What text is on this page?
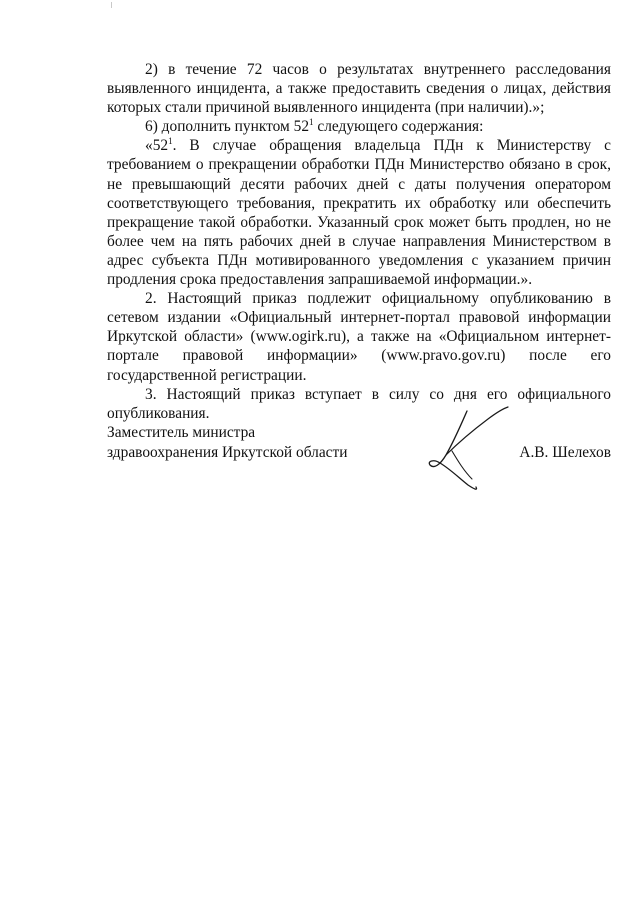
2) в течение 72 часов о результатах внутреннего расследования выявленного инцидента, а также предоставить сведения о лицах, действия которых стали причиной выявленного инцидента (при наличии).»;

6) дополнить пунктом $52^1$ следующего содержания:

«$52^1$. В случае обращения владельца ПДн к Министерству с требованием о прекращении обработки ПДн Министерство обязано в срок, не превышающий десяти рабочих дней с даты получения оператором соответствующего требования, прекратить их обработку или обеспечить прекращение такой обработки. Указанный срок может быть продлен, но не более чем на пять рабочих дней в случае направления Министерством в адрес субъекта ПДн мотивированного уведомления с указанием причин продления срока предоставления запрашиваемой информации.».

2. Настоящий приказ подлежит официальному опубликованию в сетевом издании «Официальный интернет-портал правовой информации Иркутской области» (www.ogirk.ru), а также на «Официальном интернет-портале правовой информации» (www.pravo.gov.ru) после его государственной регистрации.

3. Настоящий приказ вступает в силу со дня его официального опубликования.

Заместитель министра
здравоохранения Иркутской области	А.В. Шелехов
